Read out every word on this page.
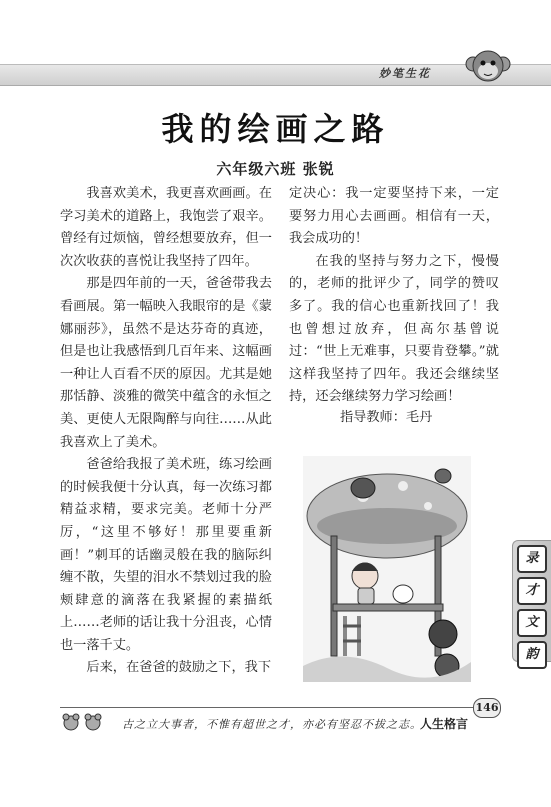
妙笔生花
我的绘画之路
六年级六班 张锐

我喜欢美术，我更喜欢画画。在学习美术的道路上，我饱尝了艰辛。曾经有过烦恼，曾经想要放弃，但一次次收获的喜悦让我坚持了四年。

那是四年前的一天，爸爸带我去看画展。第一幅映入我眼帘的是《蒙娜丽莎》，虽然不是达芬奇的真迹，但是也让我感悟到几百年来、这幅画一种让人百看不厌的原因。尤其是她那恬静、淡雅的微笑中蕴含的永恒之美、更使人无限陶醉与向往……从此我喜欢上了美术。

爸爸给我报了美术班，练习绘画的时候我便十分认真，每一次练习都精益求精，要求完美。老师十分严厉，“这里不够好！那里要重新画！”刺耳的话幽灵般在我的脑际纠缠不散，失望的泪水不禁划过我的脸颊肆意的滴落在我紧握的素描纸上……老师的话让我十分沮丧，心情也一落千丈。

后来，在爸爸的鼓励之下，我下

定决心：我一定要坚持下来，一定要努力用心去画画。相信有一天，我会成功的！

在我的坚持与努力之下，慢慢的，老师的批评少了，同学的赞叹多了。我的信心也重新找回了！我也曾想过放弃，但高尔基曾说过：“世上无难事，只要肯登攀。”就这样我坚持了四年。我还会继续坚持，还会继续努力学习绘画！

指导教师：毛丹
录
才
文
韵
146
古之立大事者，不惟有超世之才，亦必有坚忍不拔之志。
人生格言
